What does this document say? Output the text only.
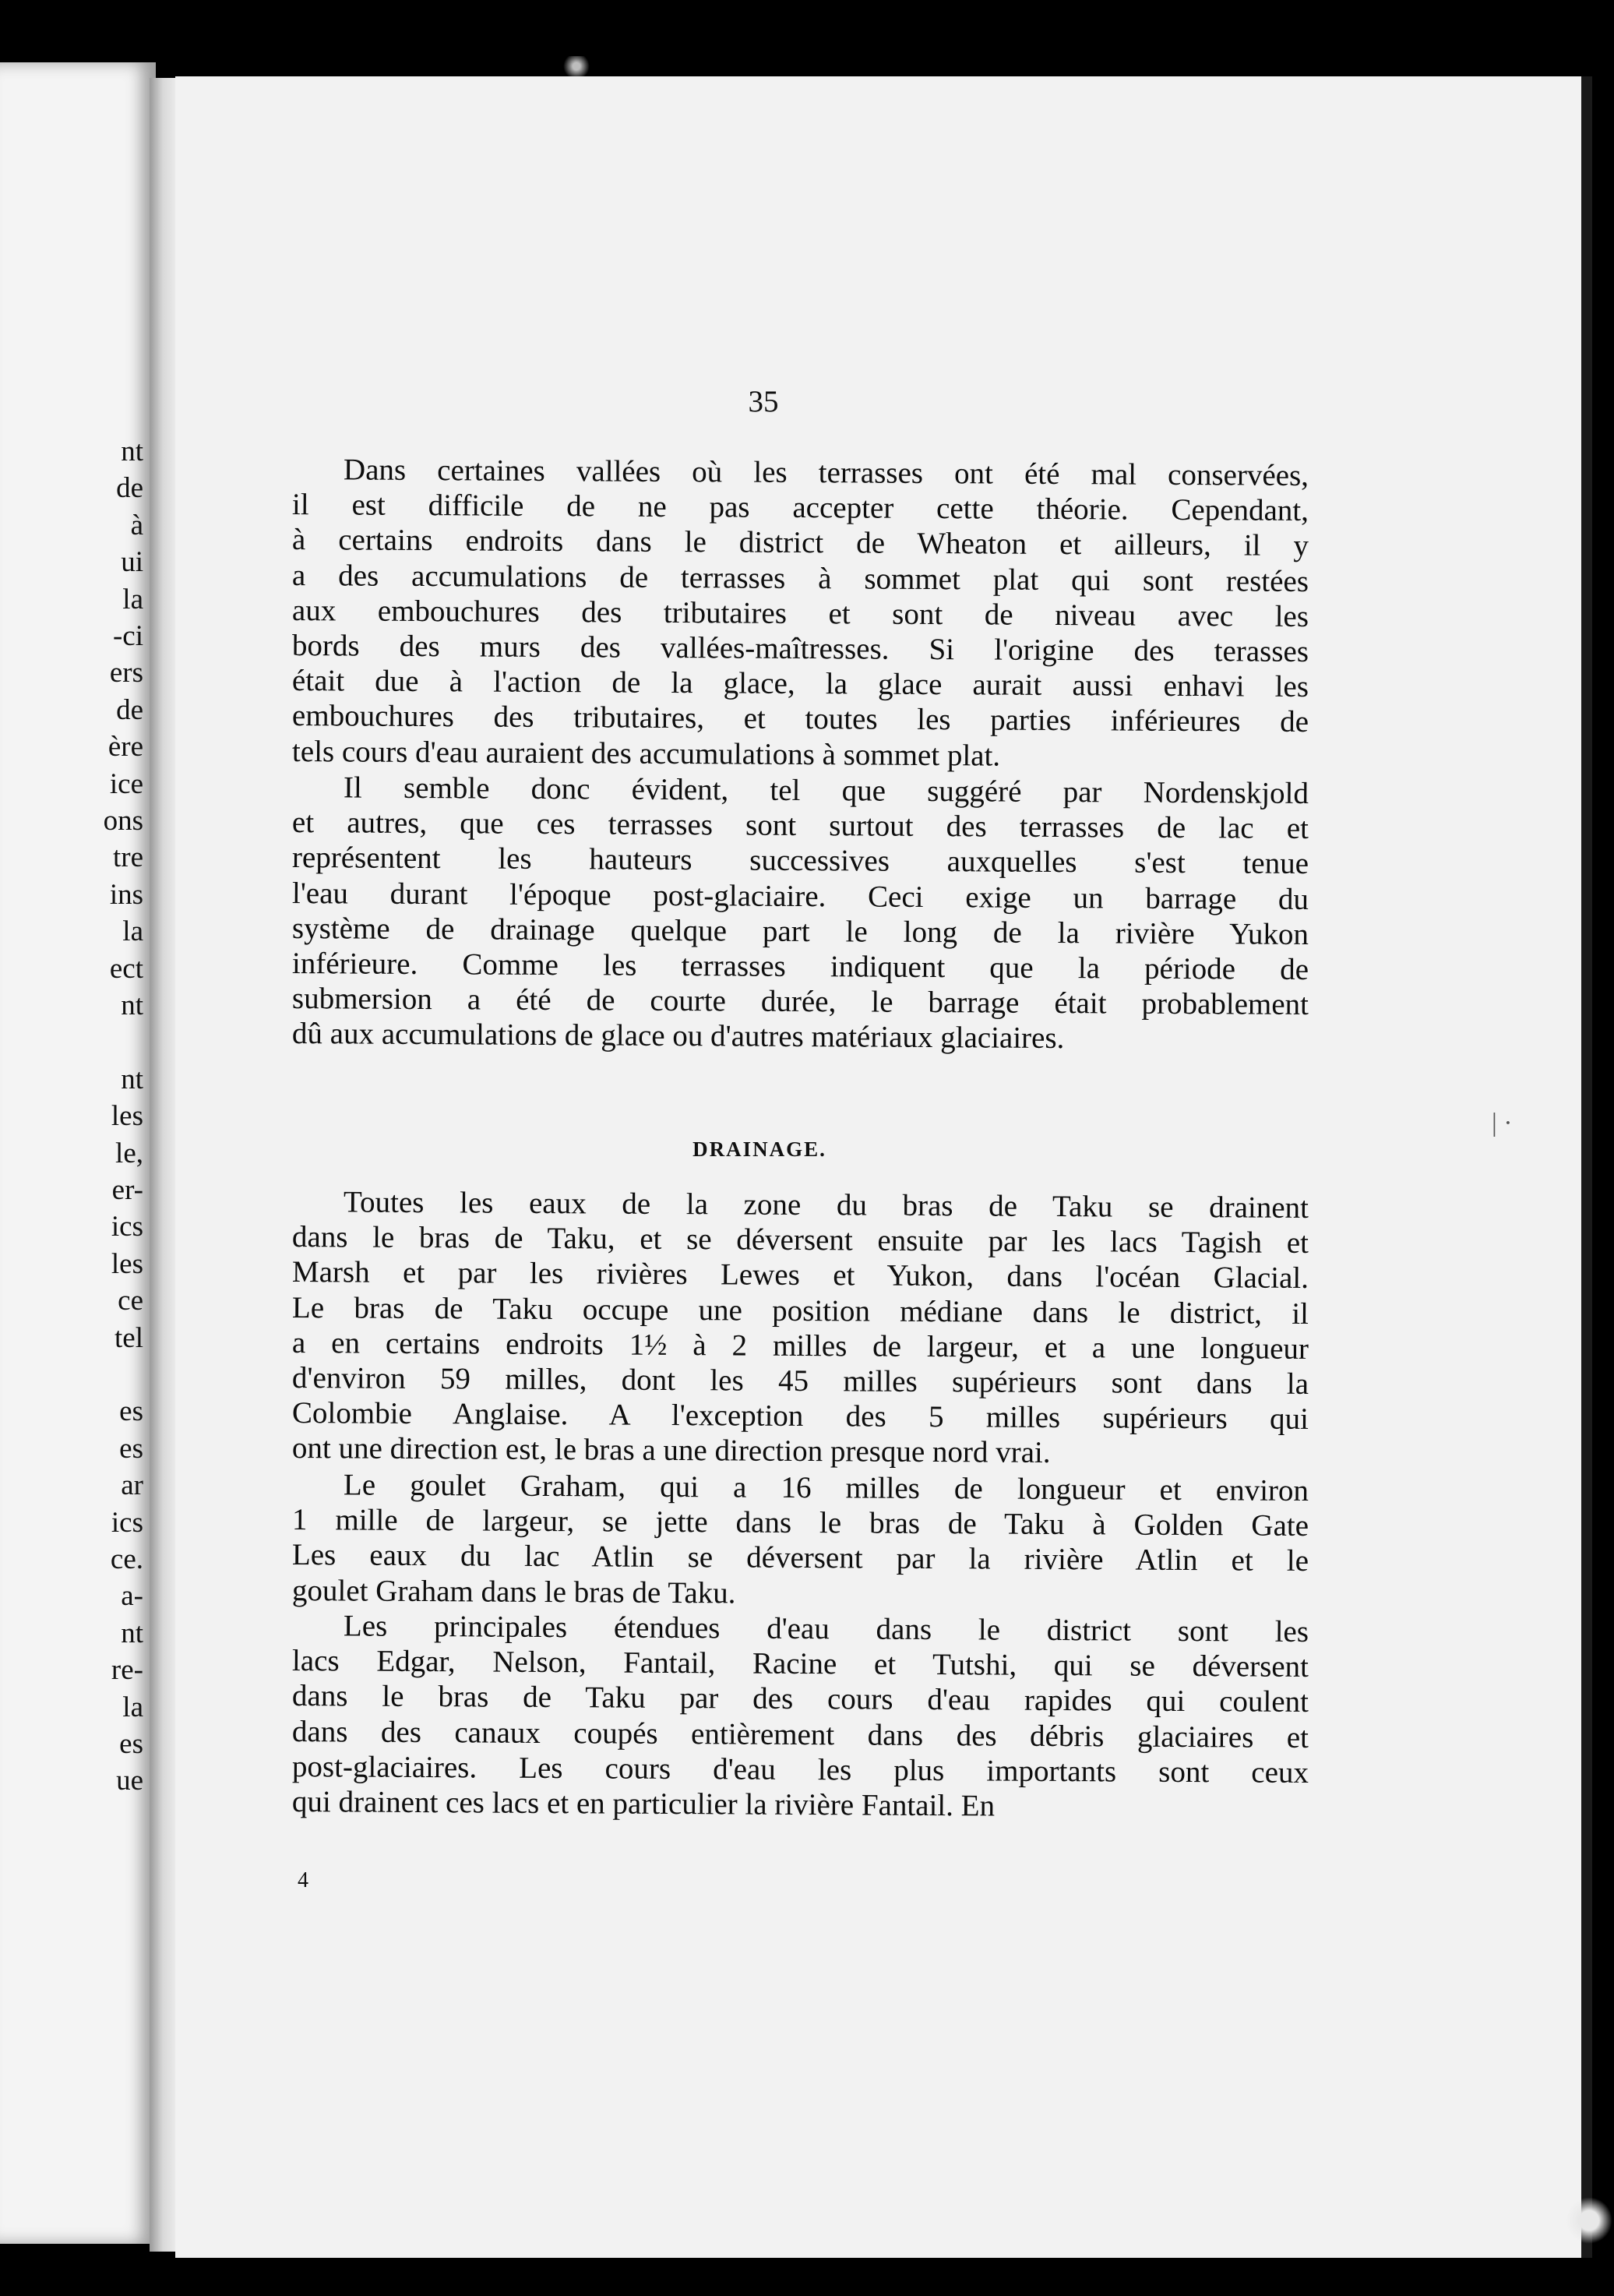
nt
de
à
ui
la
-ci
ers
de
ère
ice
ons
tre
ins
la
ect
nt
nt
les
le,
er-
ics
les
ce
tel
es
es
ar
ics
ce.
a-
nt
re-
la
es
ue
35
DRAINAGE.
4
| ·
Dans certaines vallées où les terrasses ont été mal conservées,
il est difficile de ne pas accepter cette théorie. Cependant,
à certains endroits dans le district de Wheaton et ailleurs, il y
a des accumulations de terrasses à sommet plat qui sont restées
aux embouchures des tributaires et sont de niveau avec les
bords des murs des vallées-maîtresses. Si l'origine des terasses
était due à l'action de la glace, la glace aurait aussi enhavi les
embouchures des tributaires, et toutes les parties inférieures de
tels cours d'eau auraient des accumulations à sommet plat.
Il semble donc évident, tel que suggéré par Nordenskjold
et autres, que ces terrasses sont surtout des terrasses de lac et
représentent les hauteurs successives auxquelles s'est tenue
l'eau durant l'époque post-glaciaire. Ceci exige un barrage du
système de drainage quelque part le long de la rivière Yukon
inférieure. Comme les terrasses indiquent que la période de
submersion a été de courte durée, le barrage était probablement
dû aux accumulations de glace ou d'autres matériaux glaciaires.
Toutes les eaux de la zone du bras de Taku se drainent
dans le bras de Taku, et se déversent ensuite par les lacs Tagish et
Marsh et par les rivières Lewes et Yukon, dans l'océan Glacial.
Le bras de Taku occupe une position médiane dans le district, il
a en certains endroits 1½ à 2 milles de largeur, et a une longueur
d'environ 59 milles, dont les 45 milles supérieurs sont dans la
Colombie Anglaise. A l'exception des 5 milles supérieurs qui
ont une direction est, le bras a une direction presque nord vrai.
Le goulet Graham, qui a 16 milles de longueur et environ
1 mille de largeur, se jette dans le bras de Taku à Golden Gate
Les eaux du lac Atlin se déversent par la rivière Atlin et le
goulet Graham dans le bras de Taku.
Les principales étendues d'eau dans le district sont les
lacs Edgar, Nelson, Fantail, Racine et Tutshi, qui se déversent
dans le bras de Taku par des cours d'eau rapides qui coulent
dans des canaux coupés entièrement dans des débris glaciaires et
post-glaciaires. Les cours d'eau les plus importants sont ceux
qui drainent ces lacs et en particulier la rivière Fantail. En
